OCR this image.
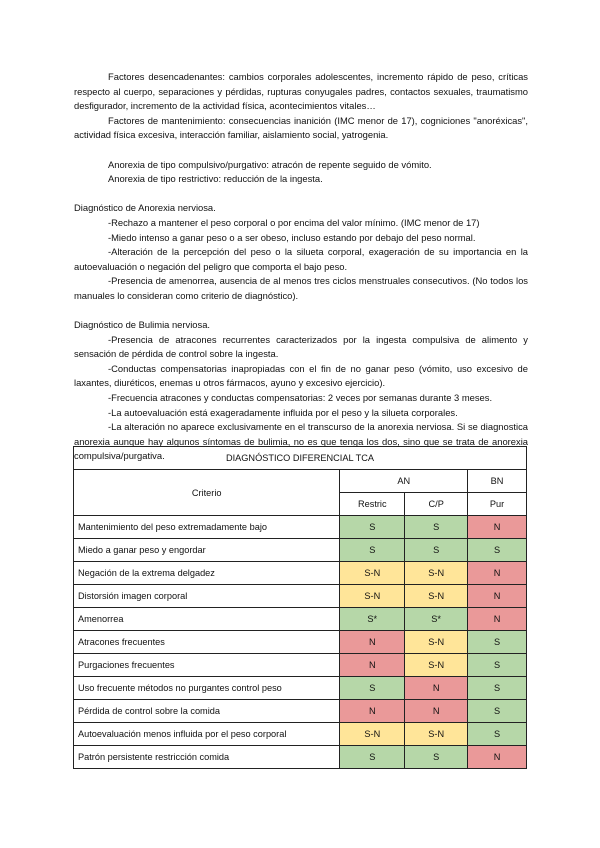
Factores desencadenantes: cambios corporales adolescentes, incremento rápido de peso, críticas respecto al cuerpo, separaciones y pérdidas, rupturas conyugales padres, contactos sexuales, traumatismo desfigurador, incremento de la actividad física, acontecimientos vitales…

Factores de mantenimiento: consecuencias inanición (IMC menor de 17), cogniciones "anoréxicas", actividad física excesiva, interacción familiar, aislamiento social, yatrogenia.

Anorexia de tipo compulsivo/purgativo: atracón de repente seguido de vómito.

Anorexia de tipo restrictivo: reducción de la ingesta.

Diagnóstico de Anorexia nerviosa.

-Rechazo a mantener el peso corporal o por encima del valor mínimo. (IMC menor de 17)

-Miedo intenso a ganar peso o a ser obeso, incluso estando por debajo del peso normal.

-Alteración de la percepción del peso o la silueta corporal, exageración de su importancia en la autoevaluación o negación del peligro que comporta el bajo peso.

-Presencia de amenorrea, ausencia de al menos tres ciclos menstruales consecutivos. (No todos los manuales lo consideran como criterio de diagnóstico).

Diagnóstico de Bulimia nerviosa.

-Presencia de atracones recurrentes caracterizados por la ingesta compulsiva de alimento y sensación de pérdida de control sobre la ingesta.

-Conductas compensatorias inapropiadas con el fin de no ganar peso (vómito, uso excesivo de laxantes, diuréticos, enemas u otros fármacos, ayuno y excesivo ejercicio).

-Frecuencia atracones y conductas compensatorias: 2 veces por semanas durante 3 meses.

-La autoevaluación está exageradamente influida por el peso y la silueta corporales.

-La alteración no aparece exclusivamente en el transcurso de la anorexia nerviosa. Si se diagnostica anorexia aunque hay algunos síntomas de bulimia, no es que tenga los dos, sino que se trata de anorexia compulsiva/purgativa.	DIAGNÓSTICO DIFERENCIAL TCA			
Criterio	AN		BN
	Restric	C/P	Pur
Mantenimiento del peso extremadamente bajo	S	S	N
Miedo a ganar peso y engordar	S	S	S
Negación de la extrema delgadez	S-N	S-N	N
Distorsión imagen corporal	S-N	S-N	N
Amenorrea	S*	S*	N
Atracones frecuentes	N	S-N	S
Purgaciones frecuentes	N	S-N	S
Uso frecuente métodos no purgantes control peso	S	N	S
Pérdida de control sobre la comida	N	N	S
Autoevaluación menos influida por el peso corporal	S-N	S-N	S
Patrón persistente restricción comida	S	S	N
